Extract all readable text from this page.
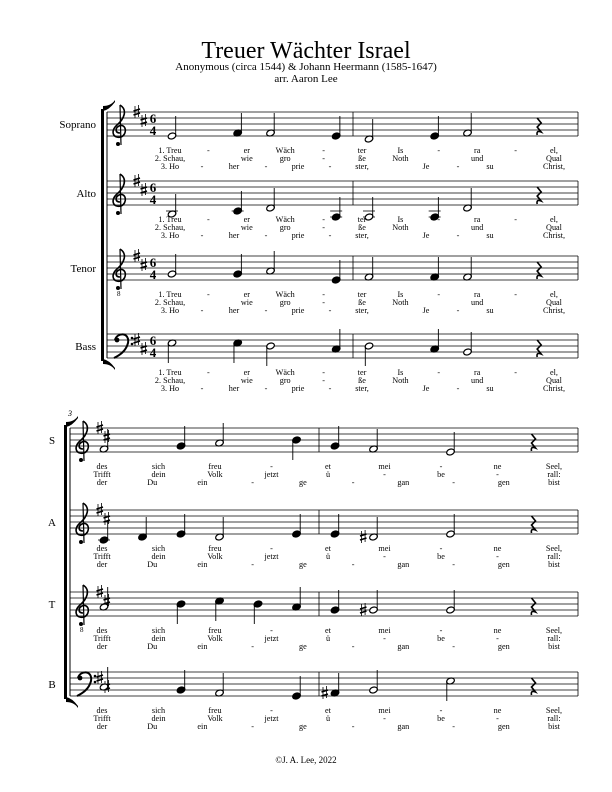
Treuer Wächter Israel
Anonymous (circa 1544) & Johann Heermann (1585-1647)
arr. Aaron Lee
Soprano	6
4
1. Treu	-	er	Wäch	-	ter	Is	-	ra	-	el,
2. Schau,	wie	gro	-	ße	Noth	und	Qual
3. Ho	-	her	-	prie	-	ster,	Je	-	su	Christ,
Alto	6
4
1. Treu	-	er	Wäch	-	ter	Is	-	ra	-	el,
2. Schau,	wie	gro	-	ße	Noth	und	Qual
3. Ho	-	her	-	prie	-	ster,	Je	-	su	Christ,
Tenor
8
6
4
1. Treu	-	er	Wäch	-	ter	Is	-	ra	-	el,
2. Schau,	wie	gro	-	ße	Noth	und	Qual
3. Ho	-	her	-	prie	-	ster,	Je	-	su	Christ,
Bass	6
4
1. Treu	-	er	Wäch	-	ter	Is	-	ra	-	el,
2. Schau,	wie	gro	-	ße	Noth	und	Qual
3. Ho	-	her	-	prie	-	ster,	Je	-	su	Christ,
3
S
des	sich	freu	-	et	mei	-	ne	Seel,
Trifft	dein	Volk	jetzt	ü	-	be	-	rall:
der	Du	ein	-	ge	-	gan	-	gen	bist
A
des	sich	freu	-	et	mei	-	ne	Seel,
Trifft	dein	Volk	jetzt	ü	-	be	-	rall:
der	Du	ein	-	ge	-	gan	-	gen	bist
T
8 des	sich	freu	-	et	mei	-	ne	Seel,
Trifft	dein	Volk	jetzt	ü	-	be	-	rall:
der	Du	ein	-	ge	-	gan	-	gen	bist
B
des	sich	freu	-	et	mei	-	ne	Seel,
Trifft	dein	Volk	jetzt	ü	-	be	-	rall:
der	Du	ein	-	ge	-	gan	-	gen	bist
©J. A. Lee, 2022
